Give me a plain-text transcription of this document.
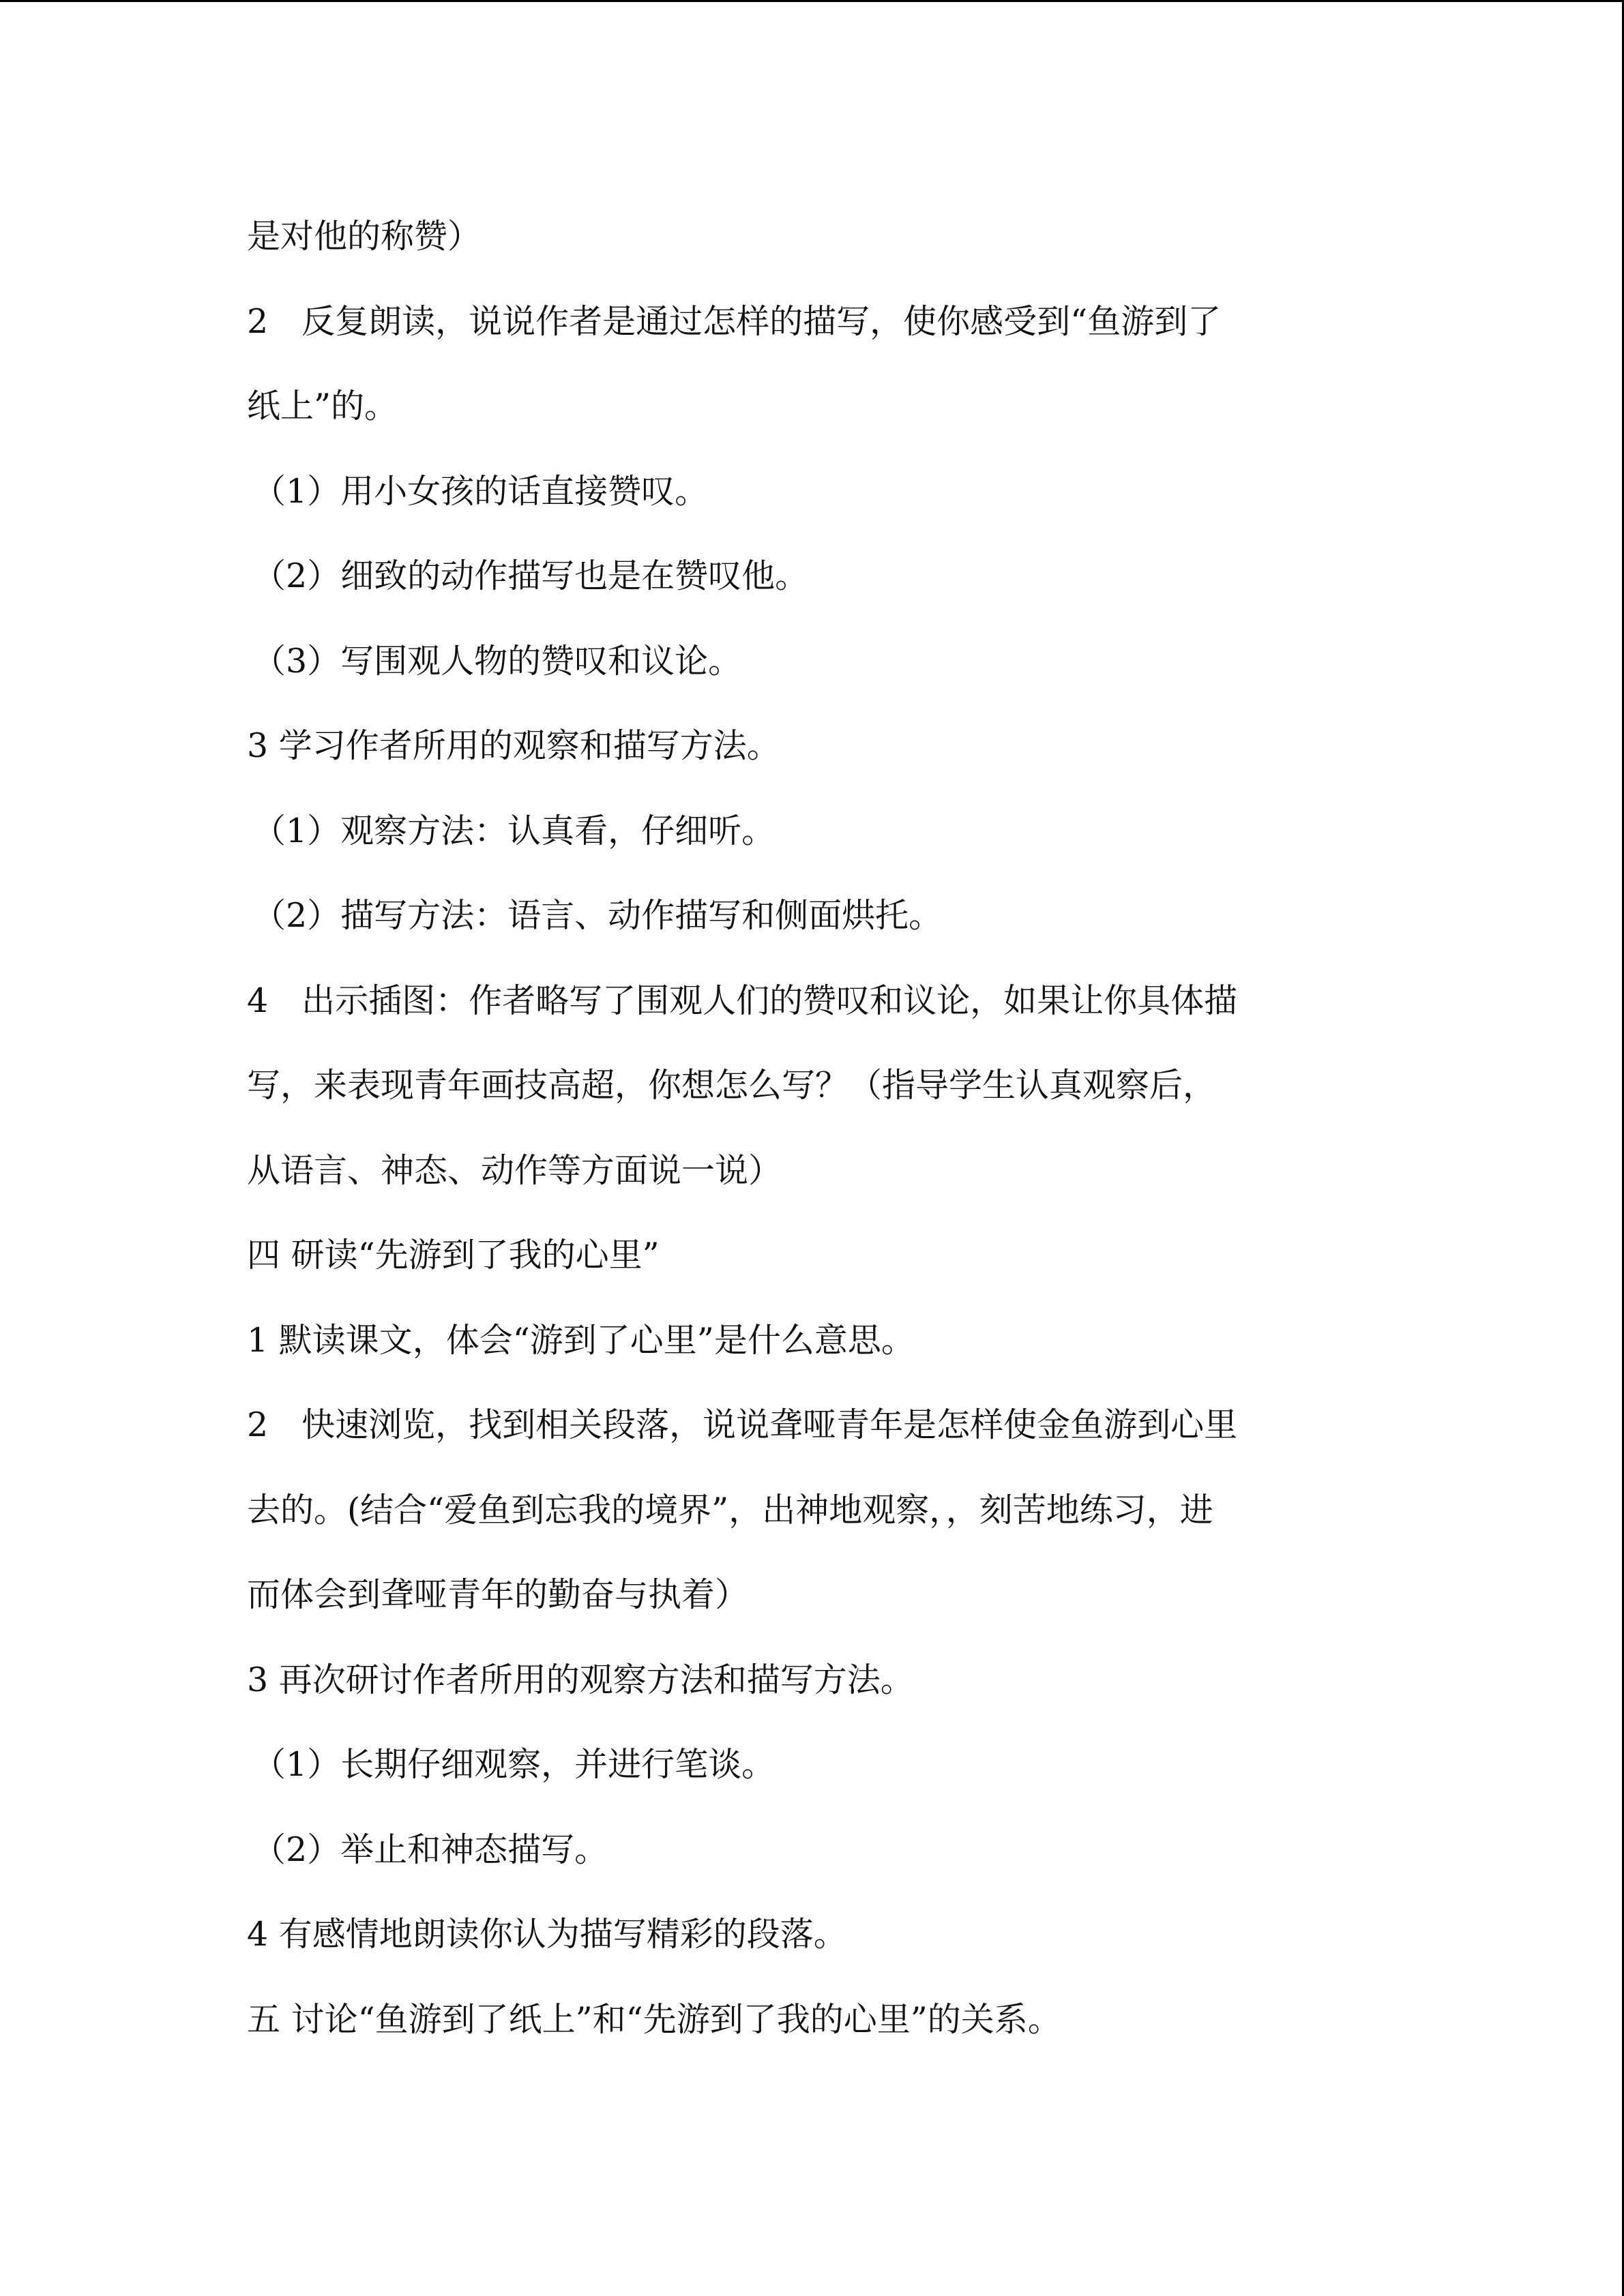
是对他的称赞）

2　反复朗读，说说作者是通过怎样的描写，使你感受到“鱼游到了

纸上”的。

（1）用小女孩的话直接赞叹。

（2）细致的动作描写也是在赞叹他。

（3）写围观人物的赞叹和议论。

3 学习作者所用的观察和描写方法。

（1）观察方法：认真看，仔细听。

（2）描写方法：语言、动作描写和侧面烘托。

4　出示插图：作者略写了围观人们的赞叹和议论，如果让你具体描

写，来表现青年画技高超，你想怎么写？（指导学生认真观察后，

从语言、神态、动作等方面说一说）

四 研读“先游到了我的心里”

1 默读课文，体会“游到了心里”是什么意思。

2　快速浏览，找到相关段落，说说聋哑青年是怎样使金鱼游到心里

去的。(结合“爱鱼到忘我的境界”，出神地观察，，刻苦地练习，进

而体会到聋哑青年的勤奋与执着）

3 再次研讨作者所用的观察方法和描写方法。

（1）长期仔细观察，并进行笔谈。

（2）举止和神态描写。

4 有感情地朗读你认为描写精彩的段落。

五 讨论“鱼游到了纸上”和“先游到了我的心里”的关系。
